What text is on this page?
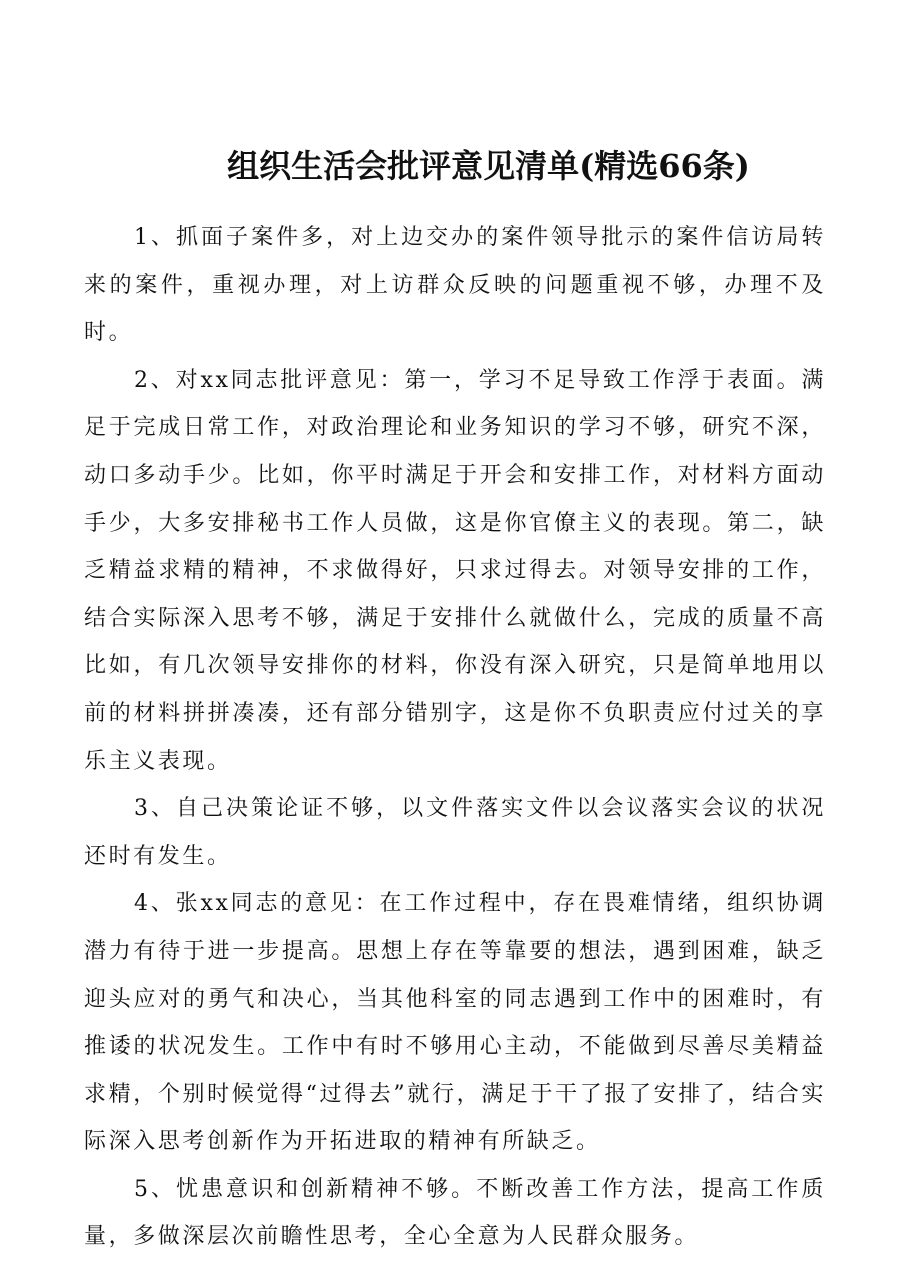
组织生活会批评意见清单(精选66条)

1、抓面子案件多，对上边交办的案件领导批示的案件信访局转来的案件，重视办理，对上访群众反映的问题重视不够，办理不及时。

2、对xx同志批评意见：第一，学习不足导致工作浮于表面。满足于完成日常工作，对政治理论和业务知识的学习不够，研究不深，动口多动手少。比如，你平时满足于开会和安排工作，对材料方面动手少，大多安排秘书工作人员做，这是你官僚主义的表现。第二，缺乏精益求精的精神，不求做得好，只求过得去。对领导安排的工作，结合实际深入思考不够，满足于安排什么就做什么，完成的质量不高比如，有几次领导安排你的材料，你没有深入研究，只是简单地用以前的材料拼拼凑凑，还有部分错别字，这是你不负职责应付过关的享乐主义表现。

3、自己决策论证不够，以文件落实文件以会议落实会议的状况还时有发生。

4、张xx同志的意见：在工作过程中，存在畏难情绪，组织协调潜力有待于进一步提高。思想上存在等靠要的想法，遇到困难，缺乏迎头应对的勇气和决心，当其他科室的同志遇到工作中的困难时，有推诿的状况发生。工作中有时不够用心主动，不能做到尽善尽美精益求精，个别时候觉得“过得去”就行，满足于干了报了安排了，结合实际深入思考创新作为开拓进取的精神有所缺乏。

5、忧患意识和创新精神不够。不断改善工作方法，提高工作质量，多做深层次前瞻性思考，全心全意为人民群众服务。
